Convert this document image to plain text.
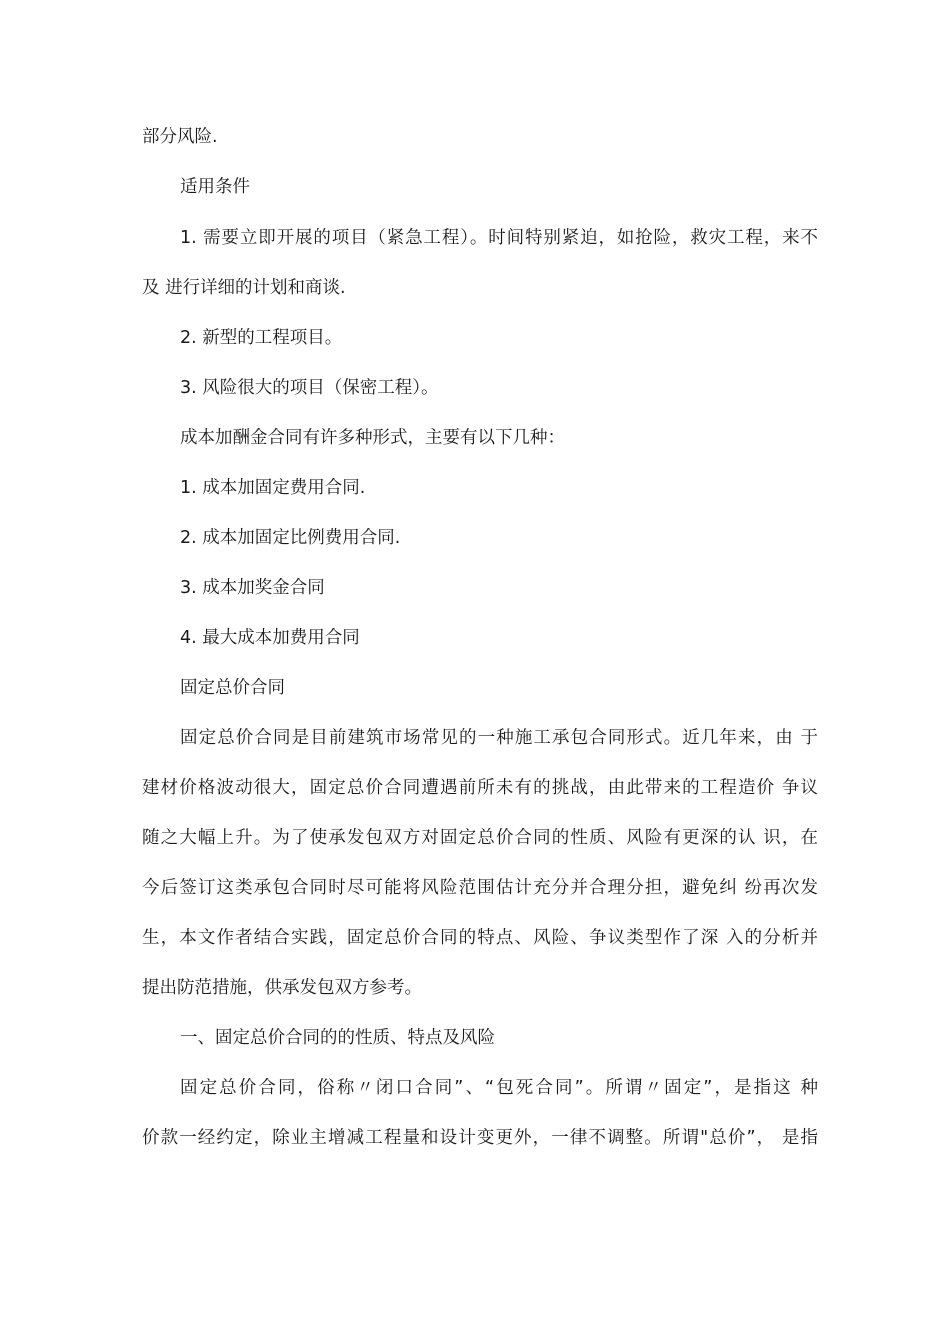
部分风险.
适用条件
1. 需要立即开展的项目（紧急工程）。时间特别紧迫，如抢险，救灾工程，来不
及 进行详细的计划和商谈.
2. 新型的工程项目。
3. 风险很大的项目（保密工程）。
成本加酬金合同有许多种形式，主要有以下几种：
1. 成本加固定费用合同.
2. 成本加固定比例费用合同.
3. 成本加奖金合同
4. 最大成本加费用合同
固定总价合同
固定总价合同是目前建筑市场常见的一种施工承包合同形式。近几年来，由 于
建材价格波动很大，固定总价合同遭遇前所未有的挑战，由此带来的工程造价 争议
随之大幅上升。为了使承发包双方对固定总价合同的性质、风险有更深的认 识，在
今后签订这类承包合同时尽可能将风险范围估计充分并合理分担，避免纠 纷再次发
生，本文作者结合实践，固定总价合同的特点、风险、争议类型作了深 入的分析并
提出防范措施，供承发包双方参考。
一、固定总价合同的的性质、特点及风险
固定总价合同，俗称〃闭口合同”、“包死合同”。所谓〃固定”，是指这 种
价款一经约定，除业主增减工程量和设计变更外，一律不调整。所谓"总价”， 是指
